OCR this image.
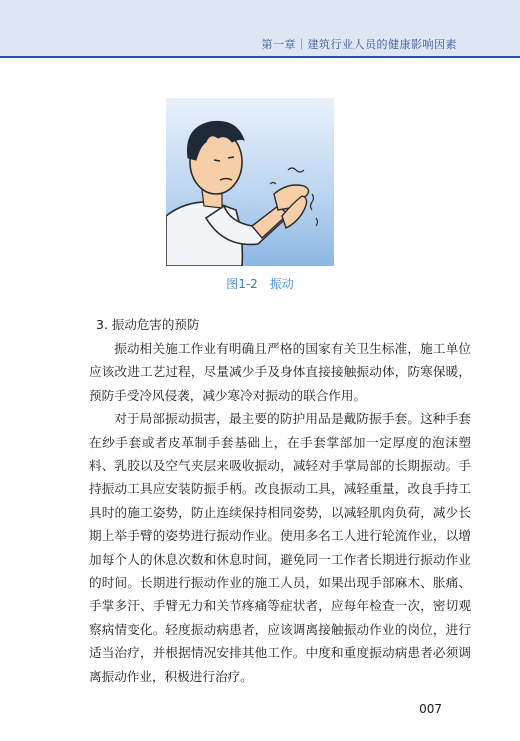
第一章｜建筑行业人员的健康影响因素
图1-2 振动
3. 振动危害的预防

振动相关施工作业有明确且严格的国家有关卫生标准，施工单位应该改进工艺过程，尽量减少手及身体直接接触振动体，防寒保暖，预防手受冷风侵袭，减少寒冷对振动的联合作用。

对于局部振动损害，最主要的防护用品是戴防振手套。这种手套在纱手套或者皮革制手套基础上，在手套掌部加一定厚度的泡沫塑料、乳胶以及空气夹层来吸收振动，减轻对手掌局部的长期振动。手持振动工具应安装防振手柄。改良振动工具，减轻重量，改良手持工具时的施工姿势，防止连续保持相同姿势，以减轻肌肉负荷，减少长期上举手臂的姿势进行振动作业。使用多名工人进行轮流作业，以增加每个人的休息次数和休息时间，避免同一工作者长期进行振动作业的时间。长期进行振动作业的施工人员，如果出现手部麻木、胀痛、手掌多汗、手臂无力和关节疼痛等症状者，应每年检查一次，密切观察病情变化。轻度振动病患者，应该调离接触振动作业的岗位，进行适当治疗，并根据情况安排其他工作。中度和重度振动病患者必须调离振动作业，积极进行治疗。

007
